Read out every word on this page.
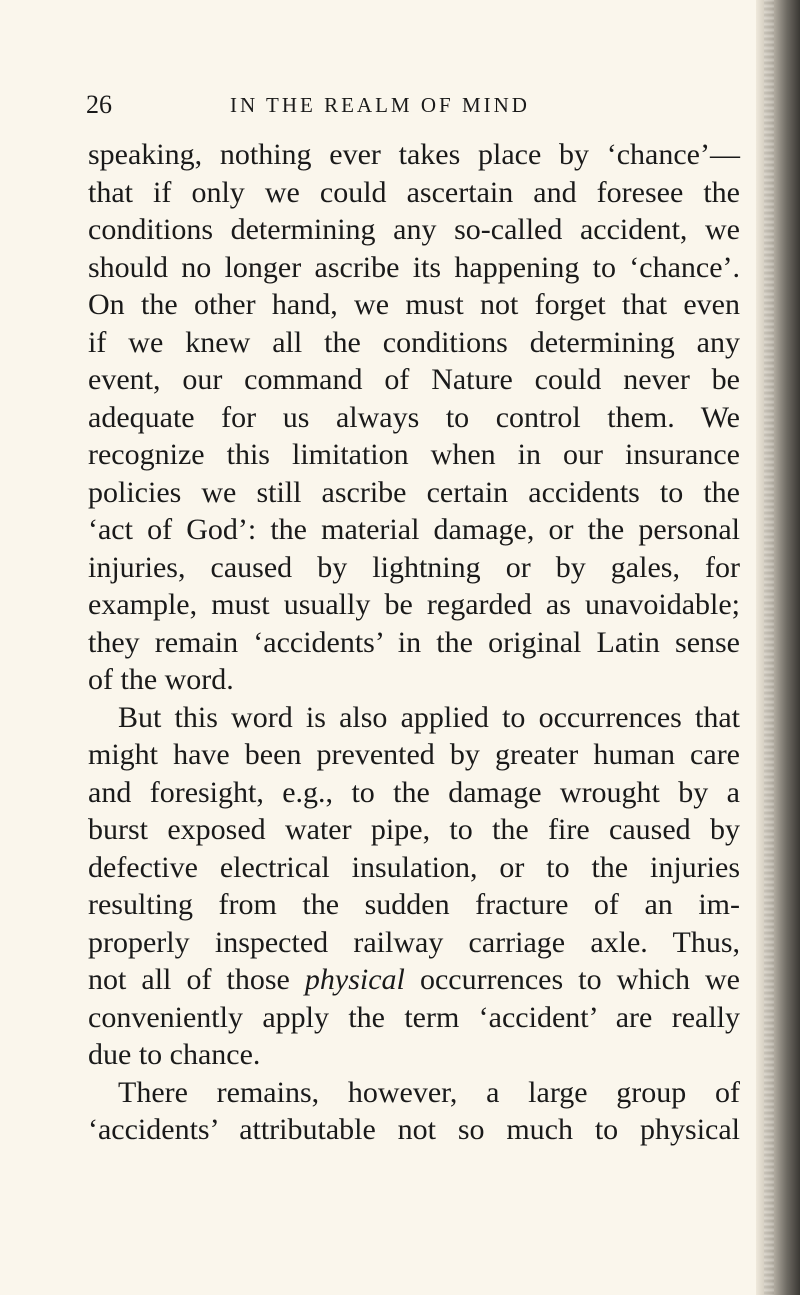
26	IN THE REALM OF MIND
speaking, nothing ever takes place by ‘chance’—
that if only we could ascertain and foresee the
conditions determining any so-called accident, we
should no longer ascribe its happening to ‘chance’.
On the other hand, we must not forget that even
if we knew all the conditions determining any
event, our command of Nature could never be
adequate for us always to control them. We
recognize this limitation when in our insurance
policies we still ascribe certain accidents to the
‘act of God’: the material damage, or the personal
injuries, caused by lightning or by gales, for
example, must usually be regarded as unavoidable;
they remain ‘accidents’ in the original Latin sense
of the word.
But this word is also applied to occurrences that
might have been prevented by greater human care
and foresight, e.g., to the damage wrought by a
burst exposed water pipe, to the fire caused by
defective electrical insulation, or to the injuries
resulting from the sudden fracture of an im-
properly inspected railway carriage axle. Thus,
not all of those physical occurrences to which we
conveniently apply the term ‘accident’ are really
due to chance.
There remains, however, a large group of
‘accidents’ attributable not so much to physical
